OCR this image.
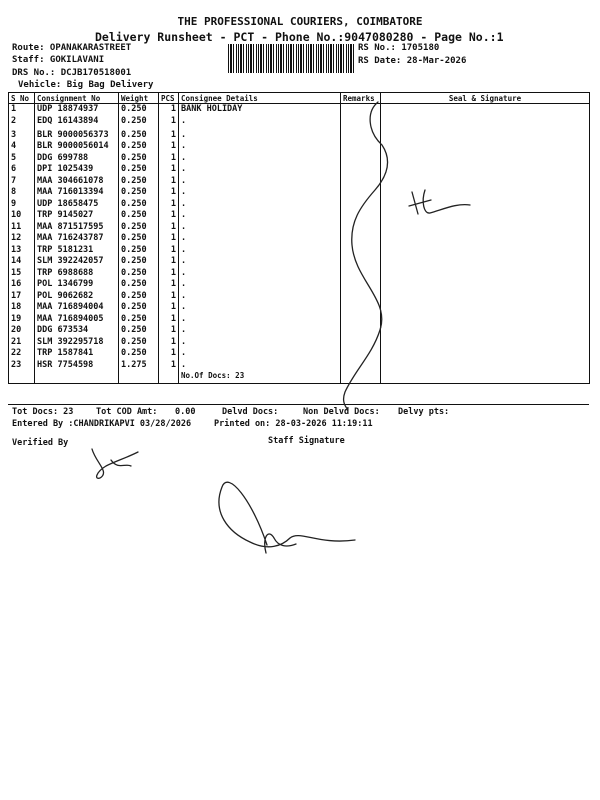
THE PROFESSIONAL COURIERS, COIMBATORE
Delivery Runsheet - PCT - Phone No.:9047080280 - Page No.:1
Route: OPANAKARASTREET
Staff: GOKILAVANI
DRS No.: DCJB170518001
Vehicle: Big Bag Delivery
RS No.: 1705180
RS Date: 28-Mar-2026
S No	Consignment No	Weight	PCS	Consignee Details	Remarks	Seal & Signature
1	UDP 18874937	0.250	1	BANK HOLIDAY		
2	EDQ 16143894	0.250	1	.		
3	BLR 9000056373	0.250	1	.		
4	BLR 9000056014	0.250	1	.		
5	DDG 699788	0.250	1	.		
6	DPI 1025439	0.250	1	.		
7	MAA 304661078	0.250	1	.		
8	MAA 716013394	0.250	1	.		
9	UDP 18658475	0.250	1	.		
10	TRP 9145027	0.250	1	.		
11	MAA 871517595	0.250	1	.		
12	MAA 716243787	0.250	1	.		
13	TRP 5181231	0.250	1	.		
14	SLM 392242057	0.250	1	.		
15	TRP 6988688	0.250	1	.		
16	POL 1346799	0.250	1	.		
17	POL 9062682	0.250	1	.		
18	MAA 716894004	0.250	1	.		
19	MAA 716894005	0.250	1	.		
20	DDG 673534	0.250	1	.		
21	SLM 392295718	0.250	1	.		
22	TRP 1587841	0.250	1	.		
23	HSR 7754598	1.275	1	.		
				No.Of Docs: 23		
Tot Docs: 23	Tot COD Amt: 0.00	Delvd Docs:	Non Delvd Docs: Delvy pts:
Entered By :CHANDRIKAPVI 03/28/2026	Printed on: 28-03-2026 11:19:11
Verified By	Staff Signature
